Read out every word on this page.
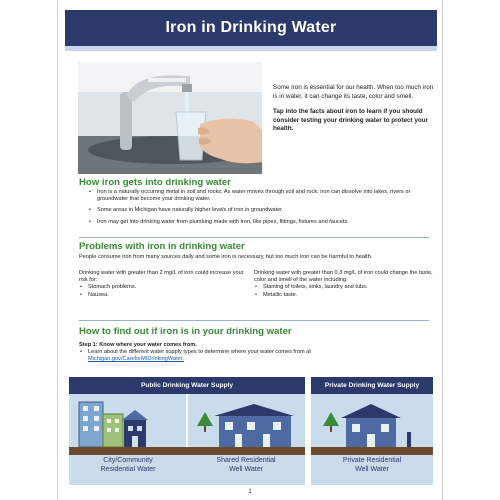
Iron in Drinking Water

Some iron is essential for our health. When too much iron is in water, it can change its taste, color and smell.

Tap into the facts about iron to learn if you should consider testing your drinking water to protect your health.

How iron gets into drinking water
• Iron is a naturally occurring metal in soil and rocks. As water moves through soil and rock, iron can dissolve into lakes, rivers or groundwater that become your drinking water.
• Some areas in Michigan have naturally higher levels of iron in groundwater.
• Iron may get into drinking water from plumbing made with iron, like pipes, fittings, fixtures and faucets.
Problems with iron in drinking water

People consume iron from many sources daily and some iron is necessary, but too much iron can be harmful to health.

Drinking water with greater than 2 mg/L of iron could increase your risk for:

• Stomach problems.
• Nausea.

Drinking water with greater than 0.3 mg/L of iron could change the taste, color and smell of the water including:

• Staining of toilets, sinks, laundry and tubs.
• Metallic taste.
How to find out if iron is in your drinking water

Step 1: Know where your water comes from.

• Learn about the different water supply types to determine where your water comes from at
Michigan.gov/CareforMIDrinkingWater.
Public Drinking Water Supply
City/Community
Residential Water
Shared Residential
Well Water
Private Drinking Water Supply
Private Residential
Well Water
1
